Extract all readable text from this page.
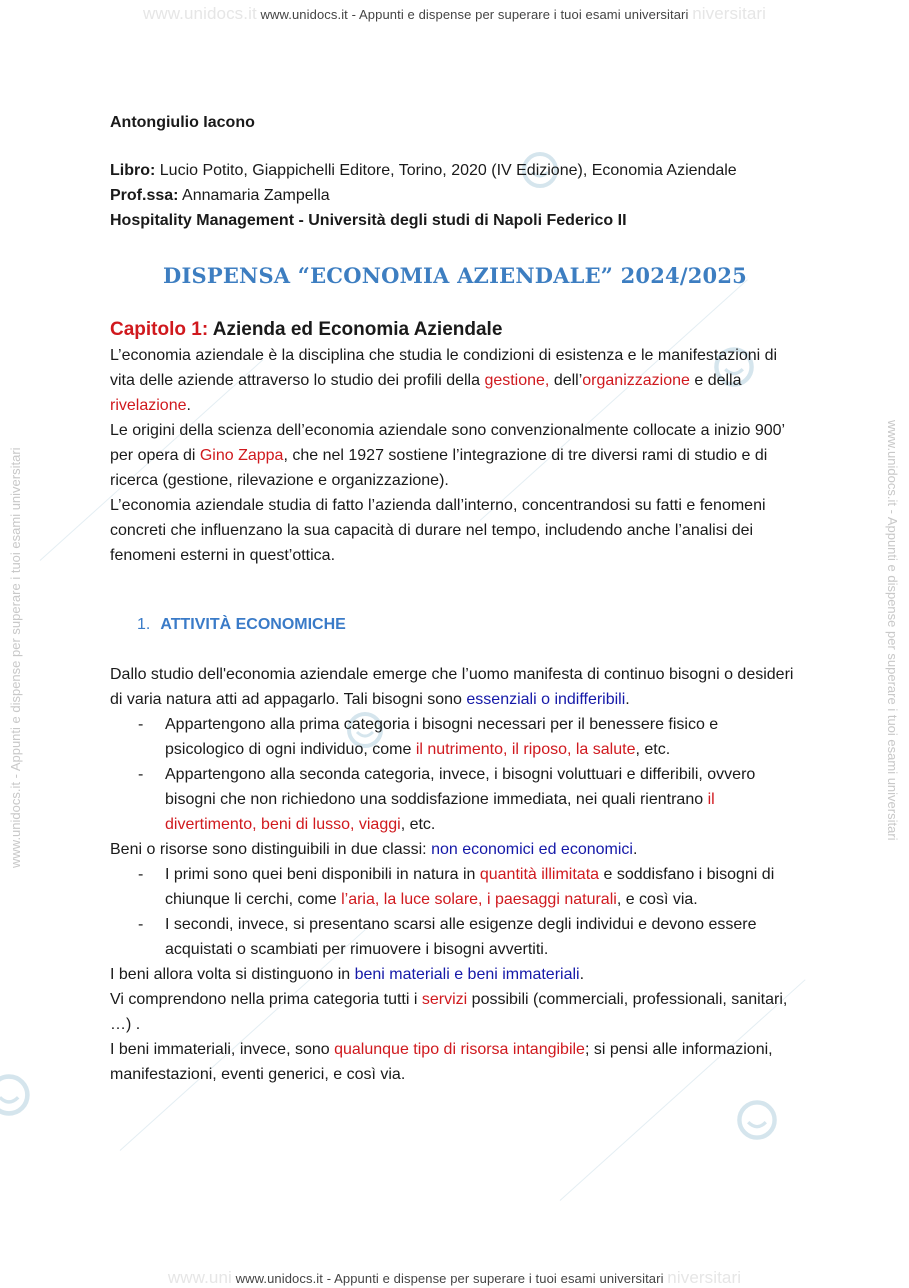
www.unidocs.it www.unidocs.it - Appunti e dispense per superare i tuoi esami universitari niversitari
www.uni www.unidocs.it - Appunti e dispense per superare i tuoi esami universitari niversitari
www.unidocs.it - Appunti e dispense per superare i tuoi esami universitari	www.unidocs.it - Appunti e dispense per superare i tuoi esami universitari

Antongiulio Iacono

Libro: Lucio Potito, Giappichelli Editore, Torino, 2020 (IV Edizione), Economia Aziendale

Prof.ssa: Annamaria Zampella

Hospitality Management - Università degli studi di Napoli Federico II

DISPENSA “ECONOMIA AZIENDALE” 2024/2025
Capitolo 1: Azienda ed Economia Aziendale

L’economia aziendale è la disciplina che studia le condizioni di esistenza e le manifestazioni di vita delle aziende attraverso lo studio dei profili della gestione, dell’organizzazione e della rivelazione.

Le origini della scienza dell’economia aziendale sono convenzionalmente collocate a inizio 900’ per opera di Gino Zappa, che nel 1927 sostiene l’integrazione di tre diversi rami di studio e di ricerca (gestione, rilevazione e organizzazione).

L’economia aziendale studia di fatto l’azienda dall’interno, concentrandosi su fatti e fenomeni concreti che influenzano la sua capacità di durare nel tempo, includendo anche l’analisi dei fenomeni esterni in quest’ottica.

1. ATTIVITÀ ECONOMICHE

Dallo studio dell'economia aziendale emerge che l’uomo manifesta di continuo bisogni o desideri di varia natura atti ad appagarlo. Tali bisogni sono essenziali o indifferibili.

- Appartengono alla prima categoria i bisogni necessari per il benessere fisico e psicologico di ogni individuo, come il nutrimento, il riposo, la salute, etc.
- Appartengono alla seconda categoria, invece, i bisogni voluttuari e differibili, ovvero bisogni che non richiedono una soddisfazione immediata, nei quali rientrano il divertimento, beni di lusso, viaggi, etc.

Beni o risorse sono distinguibili in due classi: non economici ed economici.

- I primi sono quei beni disponibili in natura in quantità illimitata e soddisfano i bisogni di chiunque li cerchi, come l’aria, la luce solare, i paesaggi naturali, e così via.
- I secondi, invece, si presentano scarsi alle esigenze degli individui e devono essere acquistati o scambiati per rimuovere i bisogni avvertiti.

I beni allora volta si distinguono in beni materiali e beni immateriali.

Vi comprendono nella prima categoria tutti i servizi possibili (commerciali, professionali, sanitari, …) .

I beni immateriali, invece, sono qualunque tipo di risorsa intangibile; si pensi alle informazioni, manifestazioni, eventi generici, e così via.
